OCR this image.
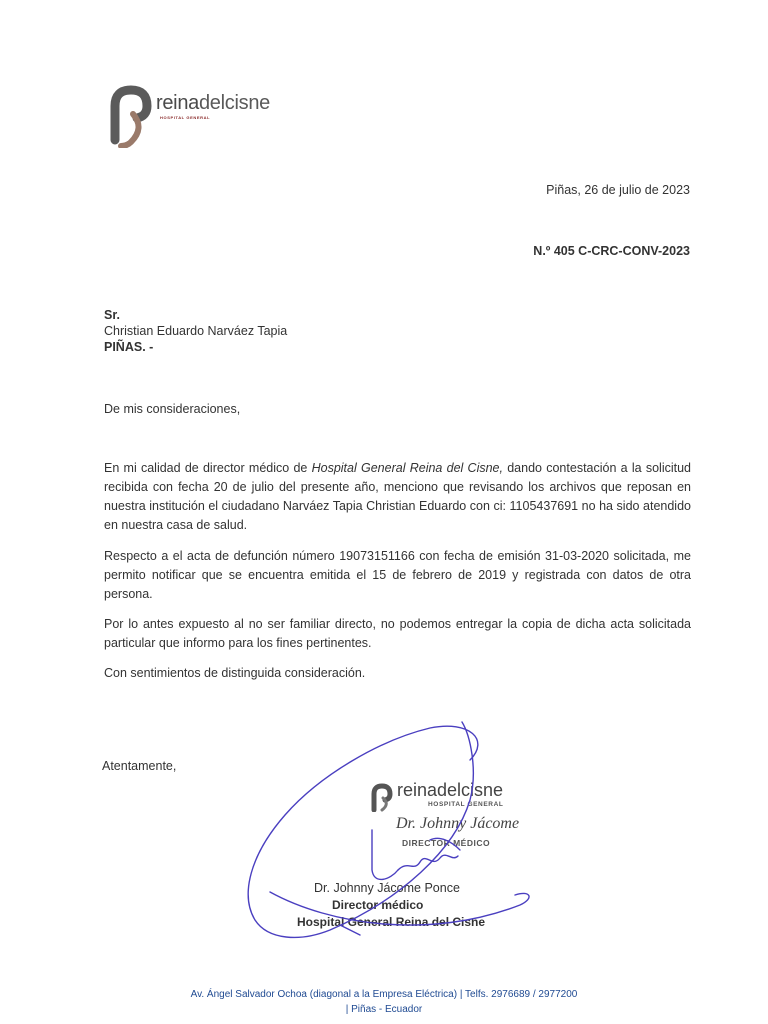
reinadelcisne
HOSPITAL GENERAL
Piñas, 26 de julio de 2023
N.º 405 C-CRC-CONV-2023
Sr.
Christian Eduardo Narváez Tapia
PIÑAS. -
De mis consideraciones,
En mi calidad de director médico de Hospital General Reina del Cisne, dando contestación a la solicitud recibida con fecha 20 de julio del presente año, menciono que revisando los archivos que reposan en nuestra institución el ciudadano Narváez Tapia Christian Eduardo con ci: 1105437691 no ha sido atendido en nuestra casa de salud.
Respecto a el acta de defunción número 19073151166 con fecha de emisión 31-03-2020 solicitada, me permito notificar que se encuentra emitida el 15 de febrero de 2019 y registrada con datos de otra persona.
Por lo antes expuesto al no ser familiar directo, no podemos entregar la copia de dicha acta solicitada particular que informo para los fines pertinentes.
Con sentimientos de distinguida consideración.
Atentamente,
reinadelcisne
HOSPITAL GENERAL
Dr. Johnny Jácome
DIRECTOR MÉDICO
Dr. Johnny Jácome Ponce
Director médico
Hospital General Reina del Cisne
Av. Ángel Salvador Ochoa (diagonal a la Empresa Eléctrica) | Telfs. 2976689 / 2977200
| Piñas - Ecuador
